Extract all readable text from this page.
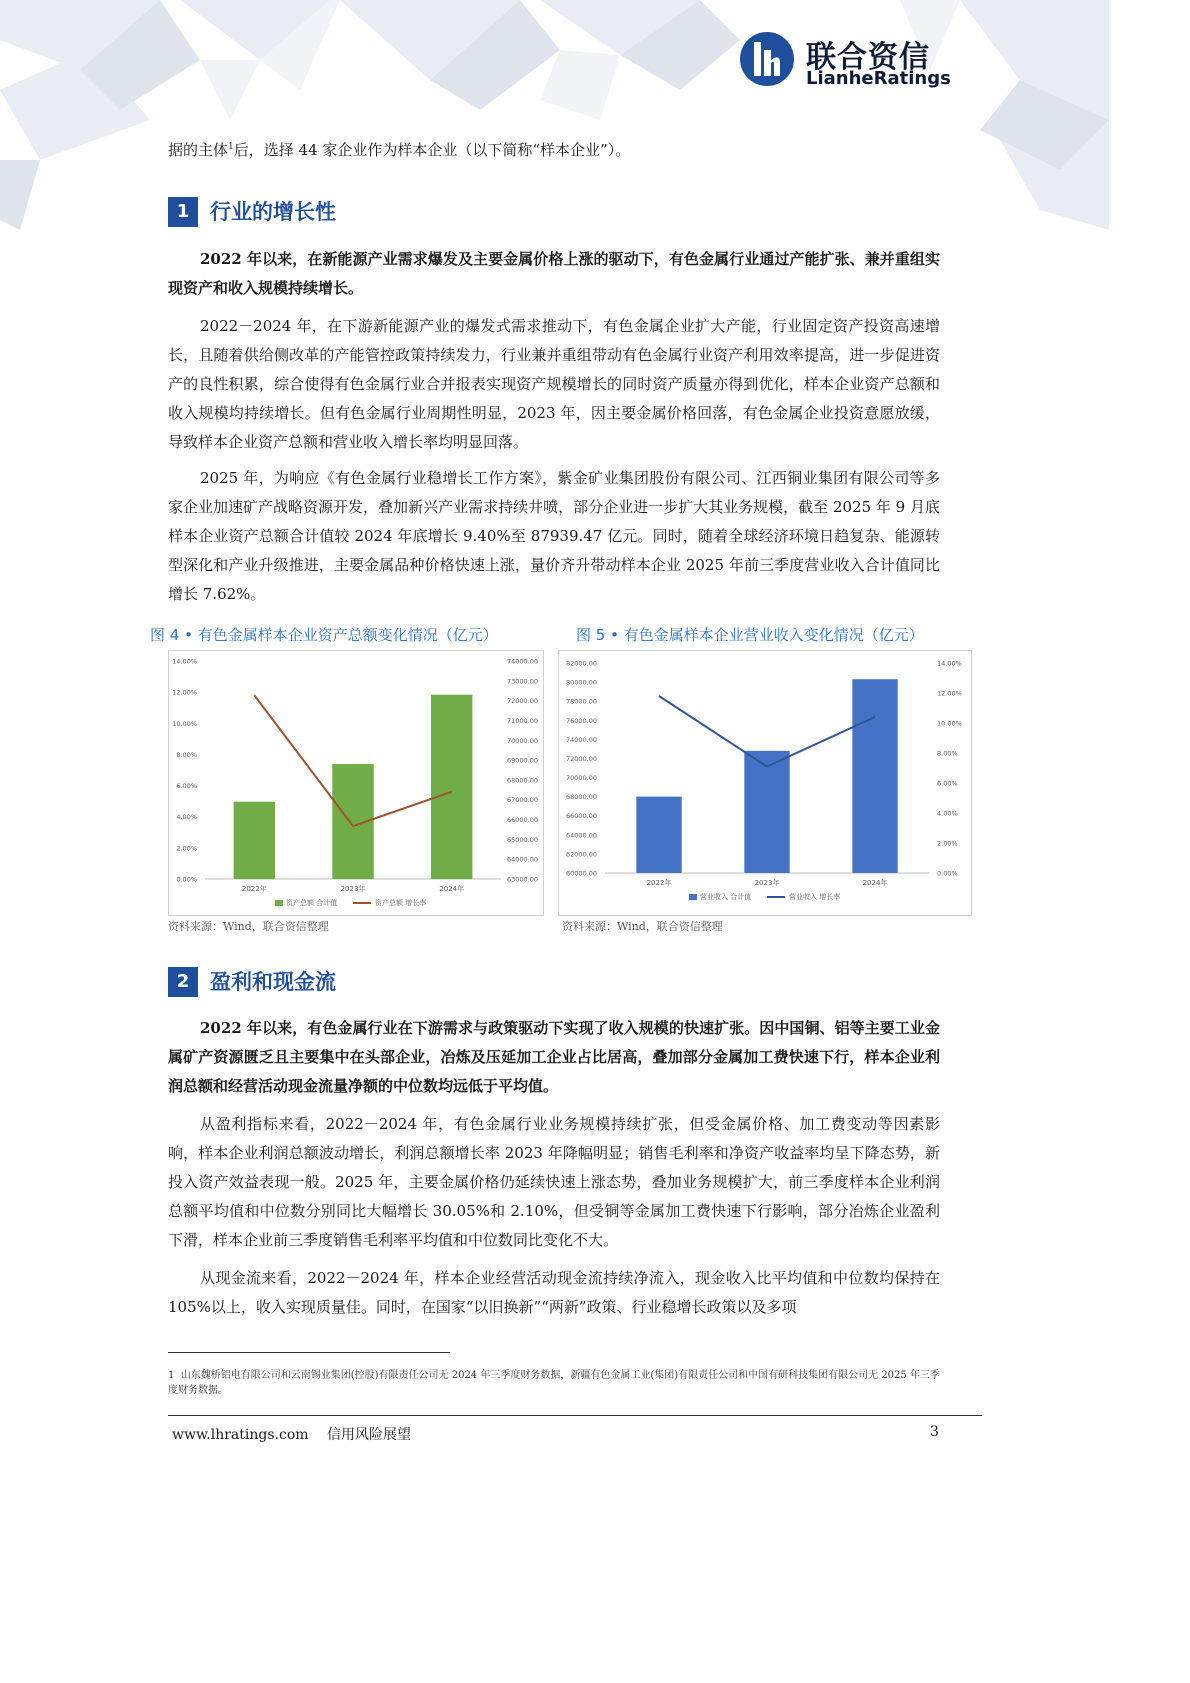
联合资信
LianheRatings

据的主体$^1$后，选择 44 家企业作为样本企业（以下简称“样本企业”）。

1 行业的增长性

2022 年以来，在新能源产业需求爆发及主要金属价格上涨的驱动下，有色金属行业通过产能扩张、兼并重组实现资产和收入规模持续增长。

2022－2024 年，在下游新能源产业的爆发式需求推动下，有色金属企业扩大产能，行业固定资产投资高速增长，且随着供给侧改革的产能管控政策持续发力，行业兼并重组带动有色金属行业资产利用效率提高，进一步促进资产的良性积累，综合使得有色金属行业合并报表实现资产规模增长的同时资产质量亦得到优化，样本企业资产总额和收入规模均持续增长。但有色金属行业周期性明显，2023 年，因主要金属价格回落，有色金属企业投资意愿放缓，导致样本企业资产总额和营业收入增长率均明显回落。

2025 年，为响应《有色金属行业稳增长工作方案》，紫金矿业集团股份有限公司、江西铜业集团有限公司等多家企业加速矿产战略资源开发，叠加新兴产业需求持续井喷，部分企业进一步扩大其业务规模，截至 2025 年 9 月底样本企业资产总额合计值较 2024 年底增长 9.40%至 87939.47 亿元。同时，随着全球经济环境日趋复杂、能源转型深化和产业升级推进，主要金属品种价格快速上涨，量价齐升带动样本企业 2025 年前三季度营业收入合计值同比增长 7.62%。

图 4 • 有色金属样本企业资产总额变化情况（亿元）	图 5 • 有色金属样本企业营业收入变化情况（亿元）
0.00%
2.00%
4.00%
6.00%
8.00%
10.00%
12.00%
14.00%
63000.00
64000.00
65000.00
66000.00
67000.00
68000.00
69000.00
70000.00
71000.00
72000.00
73000.00
74000.00
2022年	2023年	2024年
资产总额 合计值	资产总额 增长率
60000.00
62000.00
64000.00
66000.00
68000.00
70000.00
72000.00
74000.00
76000.00
78000.00
80000.00
82000.00
0.00%
2.00%
4.00%
6.00%
8.00%
10.00%
12.00%
14.00%
2022年	2023年	2024年
营业收入 合计值	营业收入 增长率
资料来源：Wind，联合资信整理	资料来源：Wind，联合资信整理
2 盈利和现金流

2022 年以来，有色金属行业在下游需求与政策驱动下实现了收入规模的快速扩张。因中国铜、铝等主要工业金属矿产资源匮乏且主要集中在头部企业，冶炼及压延加工企业占比居高，叠加部分金属加工费快速下行，样本企业利润总额和经营活动现金流量净额的中位数均远低于平均值。

从盈利指标来看，2022－2024 年，有色金属行业业务规模持续扩张，但受金属价格、加工费变动等因素影响，样本企业利润总额波动增长，利润总额增长率 2023 年降幅明显；销售毛利率和净资产收益率均呈下降态势，新投入资产效益表现一般。2025 年，主要金属价格仍延续快速上涨态势，叠加业务规模扩大，前三季度样本企业利润总额平均值和中位数分别同比大幅增长 30.05%和 2.10%，但受铜等金属加工费快速下行影响，部分冶炼企业盈利下滑，样本企业前三季度销售毛利率平均值和中位数同比变化不大。

从现金流来看，2022－2024 年，样本企业经营活动现金流持续净流入，现金收入比平均值和中位数均保持在 105%以上，收入实现质量佳。同时，在国家“以旧换新”“两新”政策、行业稳增长政策以及多项

1 山东魏桥铝电有限公司和云南锡业集团(控股)有限责任公司无 2024 年三季度财务数据，新疆有色金属工业(集团)有限责任公司和中国有研科技集团有限公司无 2025 年三季度财务数据。

www.lhratings.com 信用风险展望	3
